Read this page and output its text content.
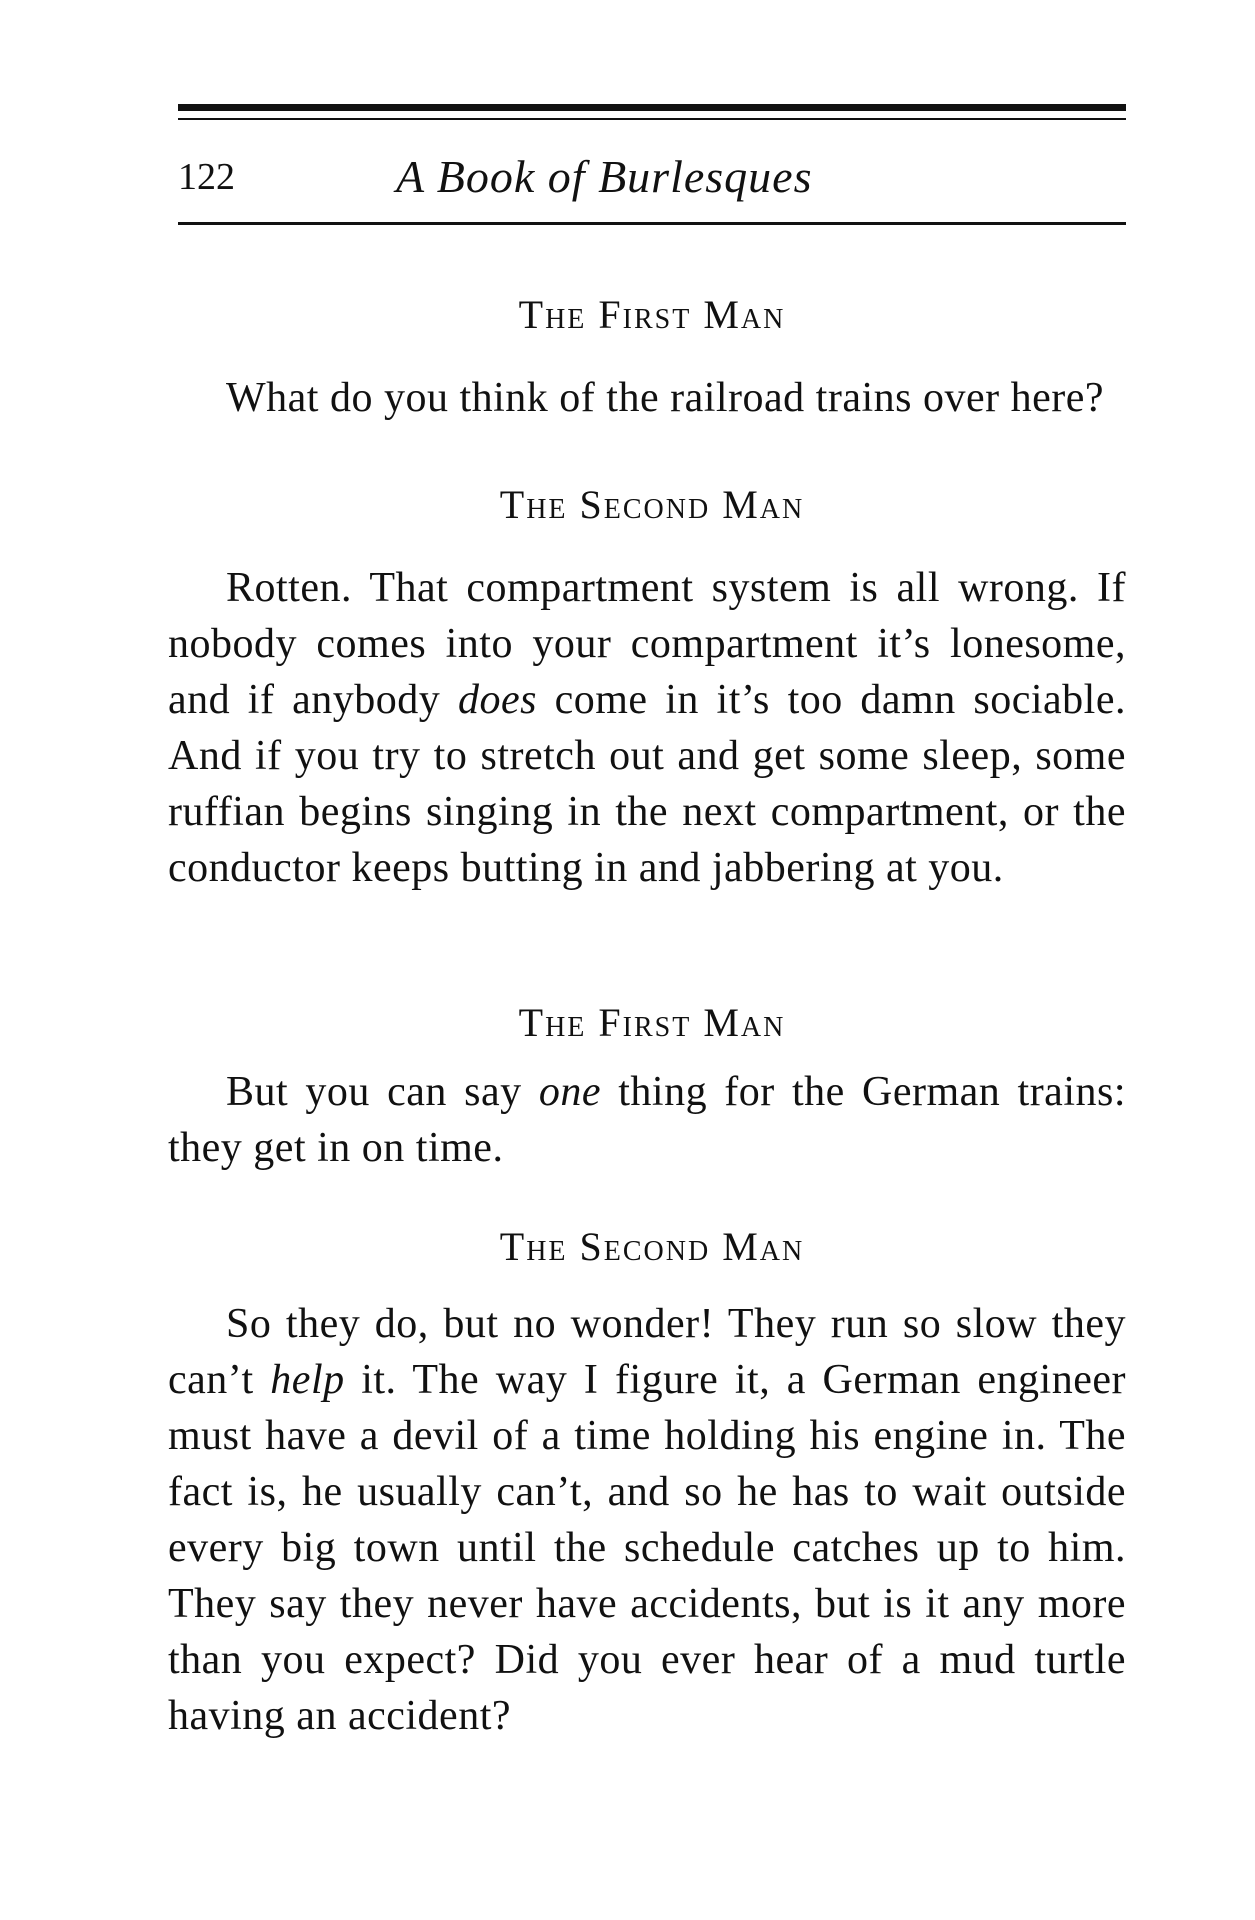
122	A Book of Burlesques
The First Man
What do you think of the railroad trains over here?
The Second Man
Rotten. That compartment system is all wrong. If nobody comes into your compartment it’s lonesome, and if anybody does come in it’s too damn sociable. And if you try to stretch out and get some sleep, some ruffian begins singing in the next compartment, or the conductor keeps butting in and jabbering at you.
The First Man
But you can say one thing for the German trains: they get in on time.
The Second Man
So they do, but no wonder! They run so slow they can’t help it. The way I figure it, a German engineer must have a devil of a time holding his engine in. The fact is, he usually can’t, and so he has to wait outside every big town until the schedule catches up to him. They say they never have accidents, but is it any more than you expect? Did you ever hear of a mud turtle having an accident?
